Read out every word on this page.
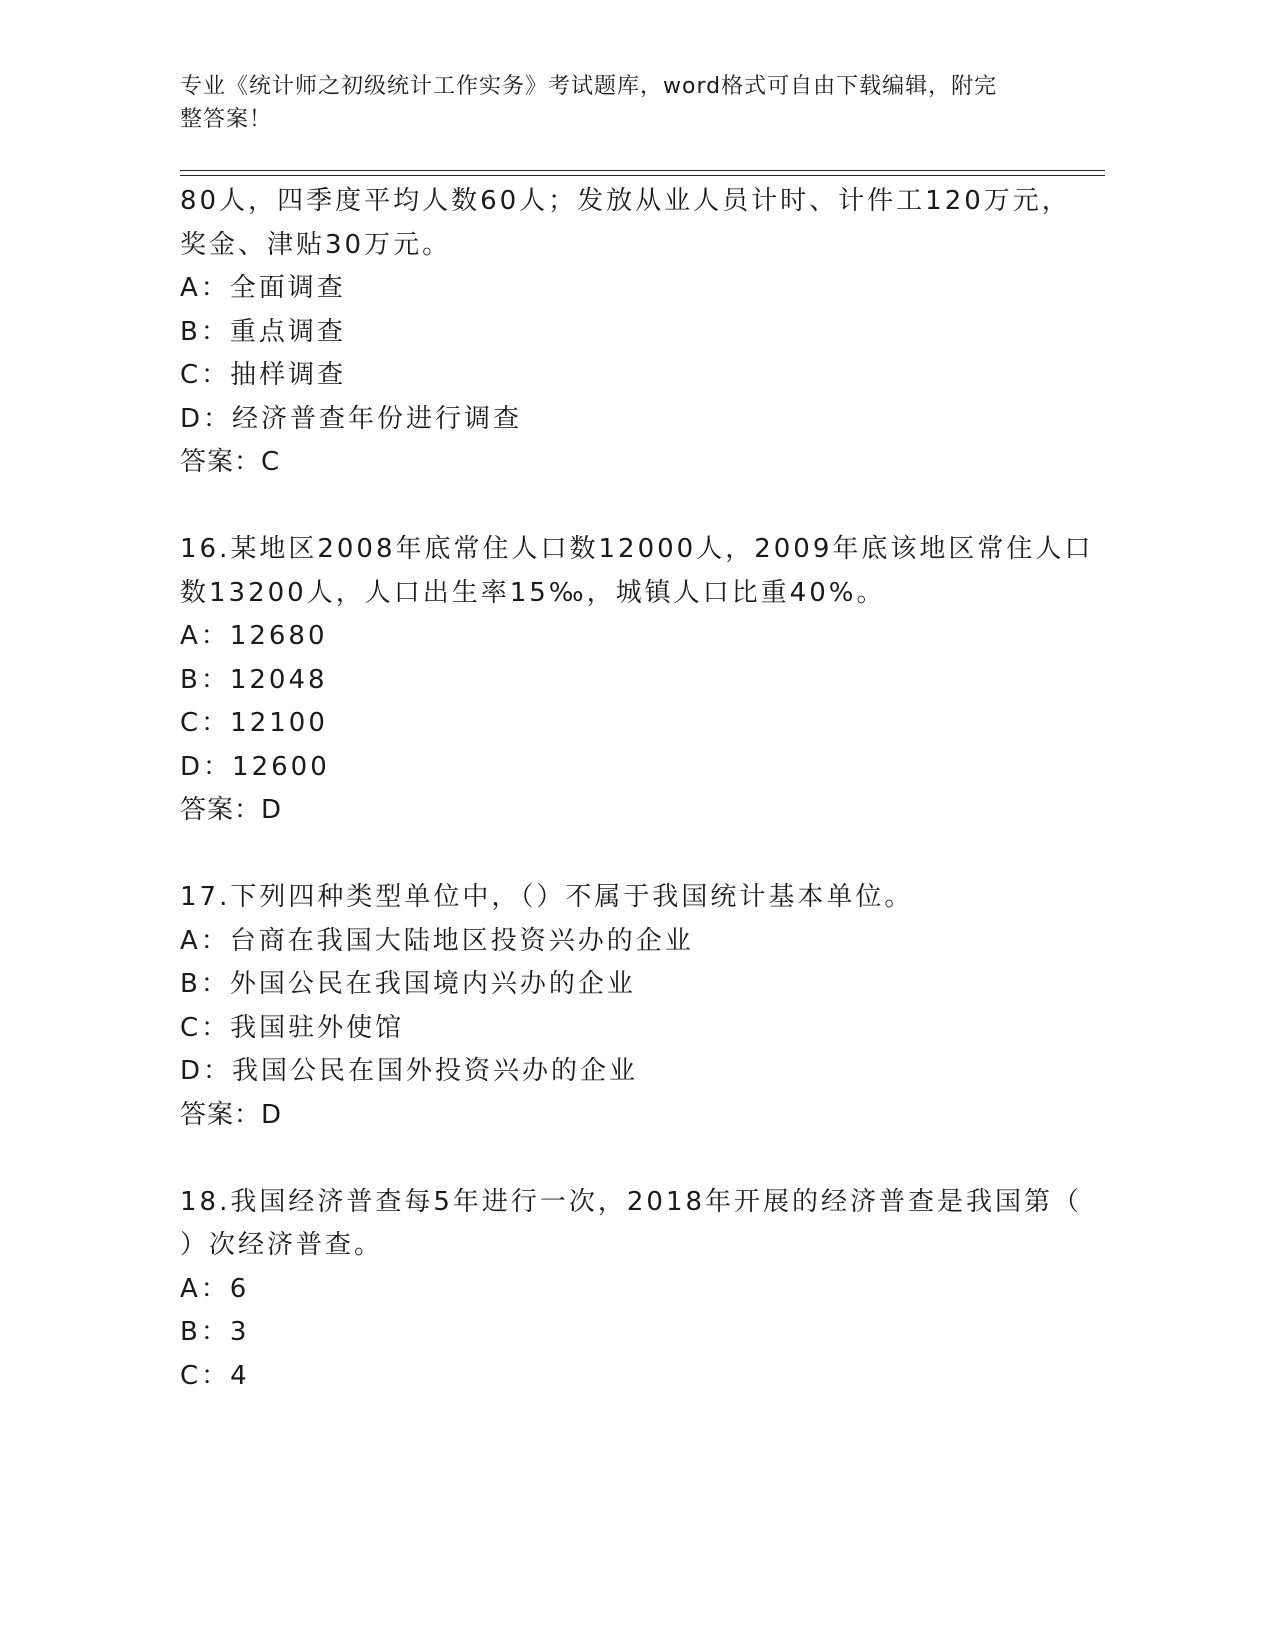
专业《统计师之初级统计工作实务》考试题库，word格式可自由下载编辑，附完
整答案！
80人，四季度平均人数60人；发放从业人员计时、计件工120万元，
奖金、津贴30万元。
A：全面调查
B：重点调查
C：抽样调查
D：经济普查年份进行调查
答案：C
16.某地区2008年底常住人口数12000人，2009年底该地区常住人口
数13200人，人口出生率15‰，城镇人口比重40%。
A：12680
B：12048
C：12100
D：12600
答案：D
17.下列四种类型单位中，（）不属于我国统计基本单位。
A：台商在我国大陆地区投资兴办的企业
B：外国公民在我国境内兴办的企业
C：我国驻外使馆
D：我国公民在国外投资兴办的企业
答案：D
18.我国经济普查每5年进行一次，2018年开展的经济普查是我国第（
）次经济普查。
A：6
B：3
C：4
